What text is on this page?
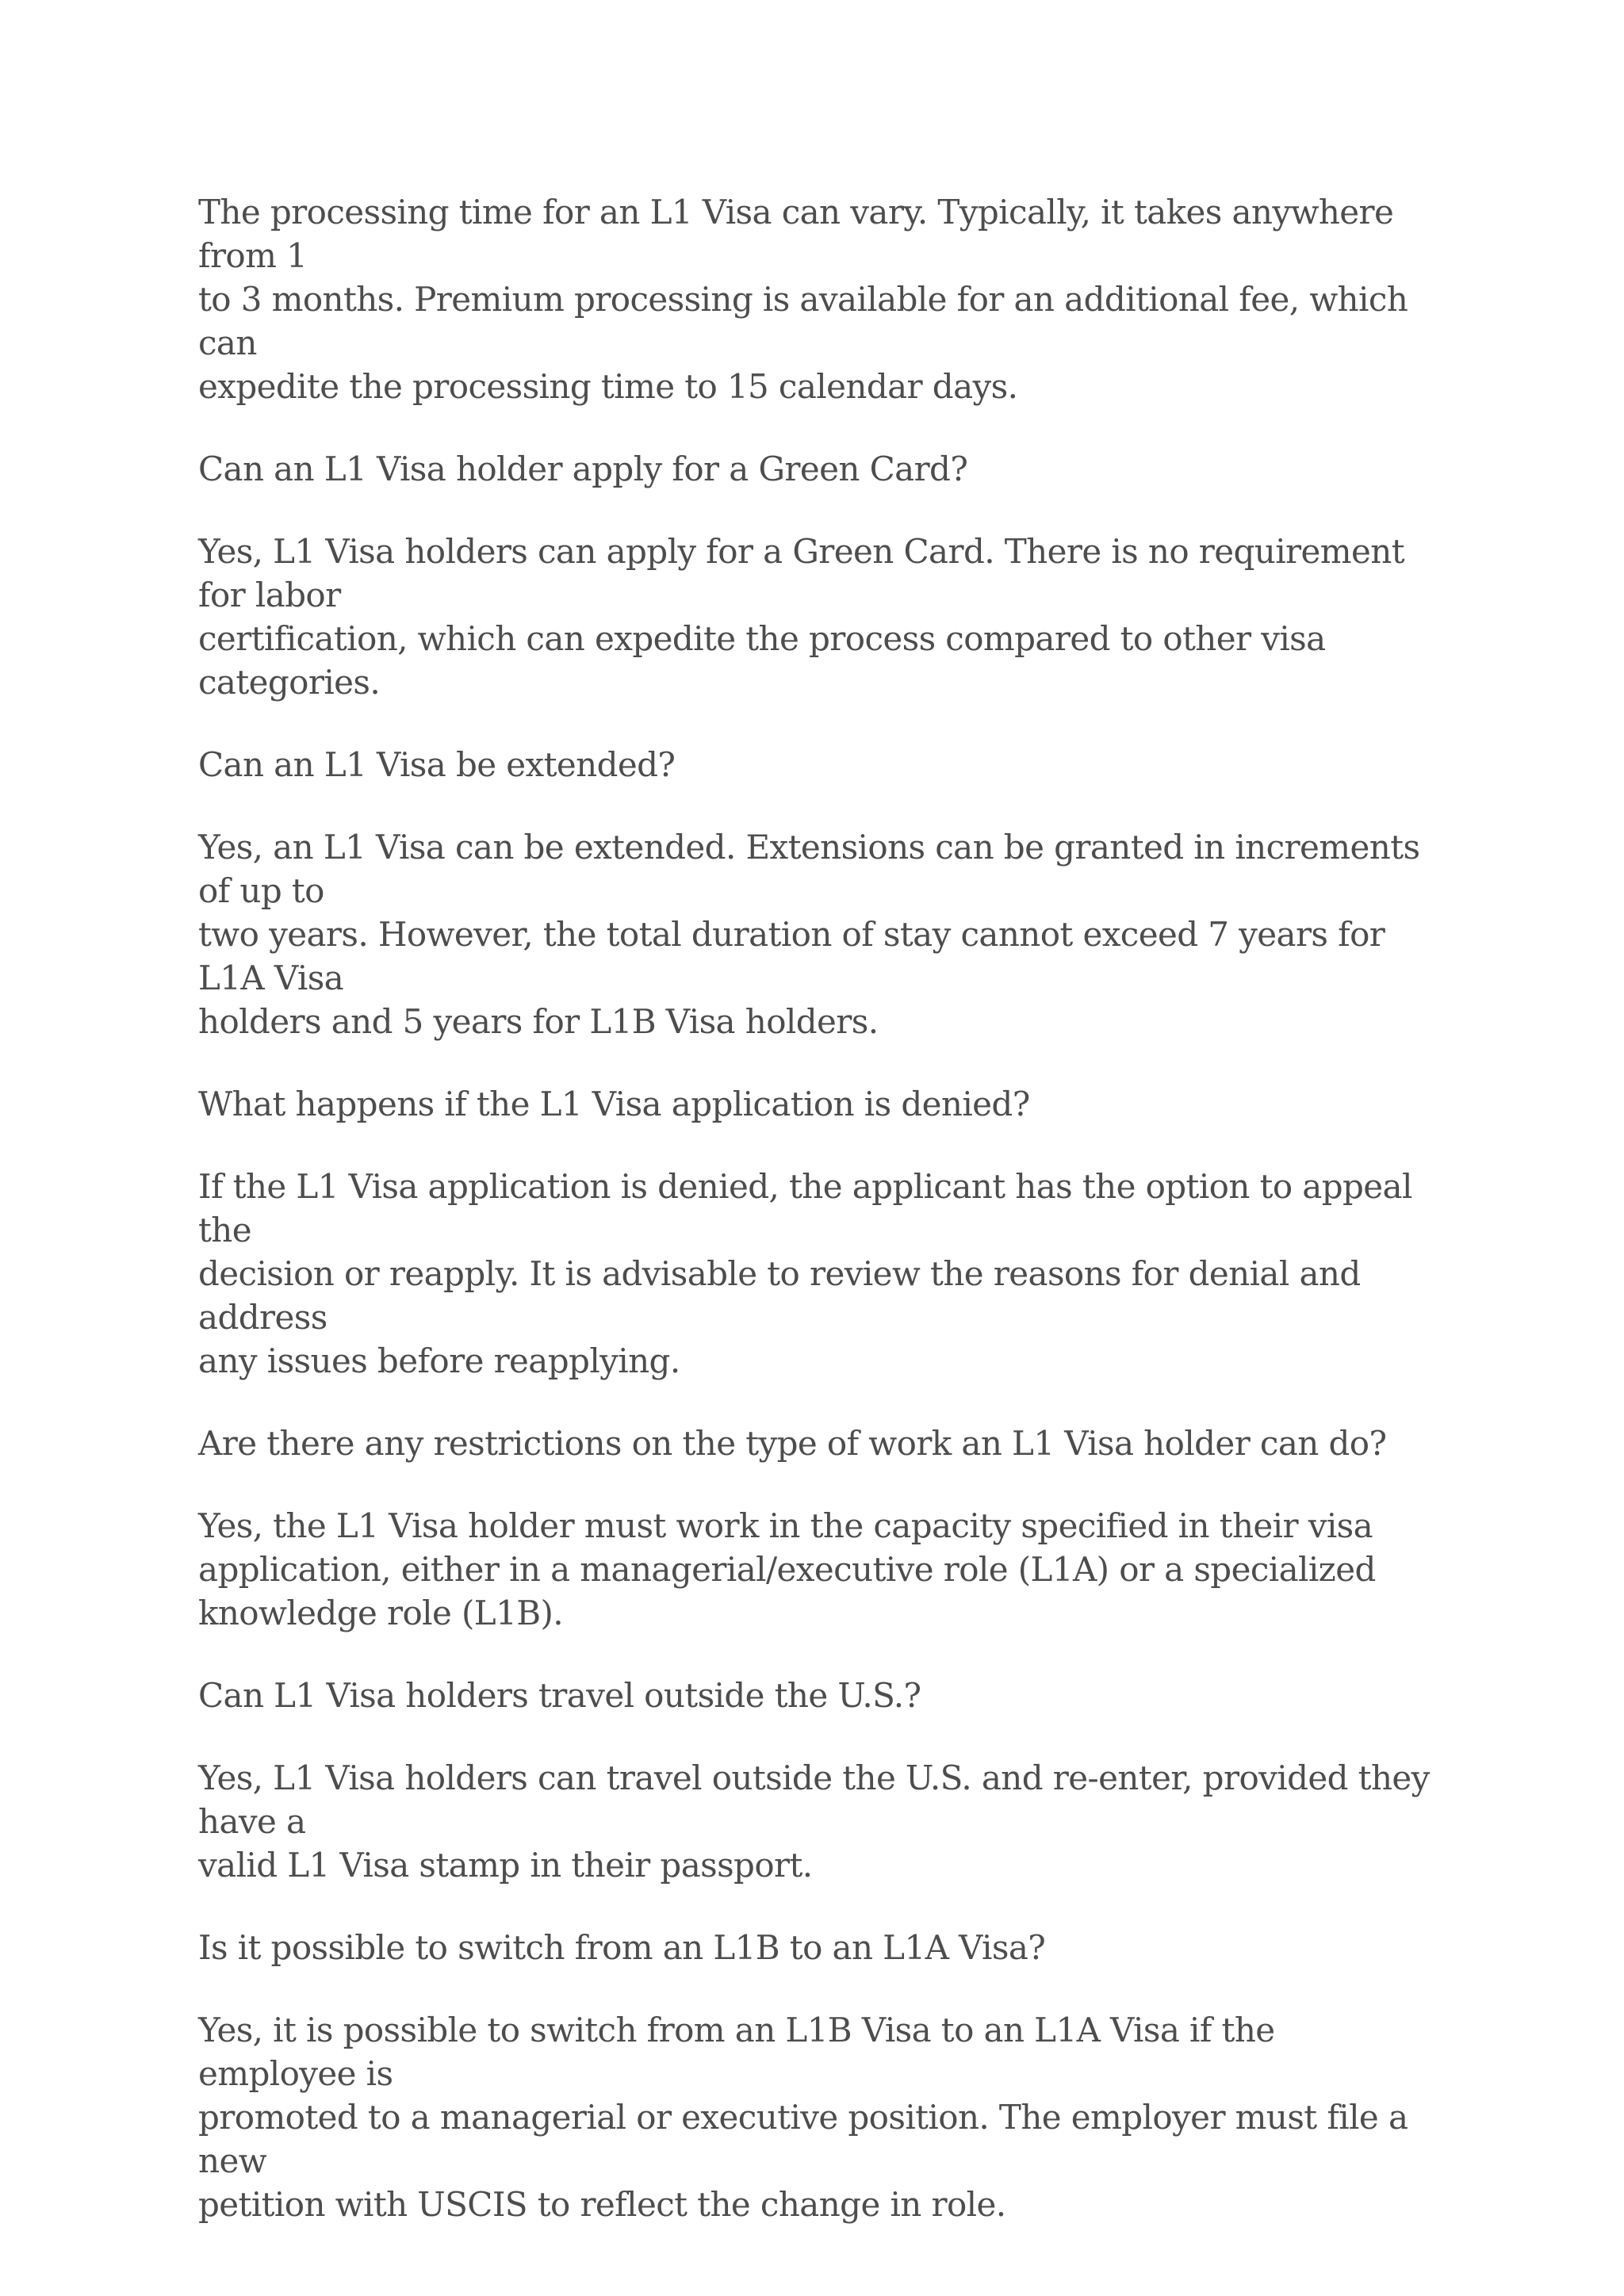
The processing time for an L1 Visa can vary. Typically, it takes anywhere from 1
to 3 months. Premium processing is available for an additional fee, which can
expedite the processing time to 15 calendar days.

Can an L1 Visa holder apply for a Green Card?

Yes, L1 Visa holders can apply for a Green Card. There is no requirement for labor
certification, which can expedite the process compared to other visa categories.

Can an L1 Visa be extended?

Yes, an L1 Visa can be extended. Extensions can be granted in increments of up to
two years. However, the total duration of stay cannot exceed 7 years for L1A Visa
holders and 5 years for L1B Visa holders.

What happens if the L1 Visa application is denied?

If the L1 Visa application is denied, the applicant has the option to appeal the
decision or reapply. It is advisable to review the reasons for denial and address
any issues before reapplying.

Are there any restrictions on the type of work an L1 Visa holder can do?

Yes, the L1 Visa holder must work in the capacity specified in their visa
application, either in a managerial/executive role (L1A) or a specialized
knowledge role (L1B).

Can L1 Visa holders travel outside the U.S.?

Yes, L1 Visa holders can travel outside the U.S. and re-enter, provided they have a
valid L1 Visa stamp in their passport.

Is it possible to switch from an L1B to an L1A Visa?

Yes, it is possible to switch from an L1B Visa to an L1A Visa if the employee is
promoted to a managerial or executive position. The employer must file a new
petition with USCIS to reflect the change in role.
